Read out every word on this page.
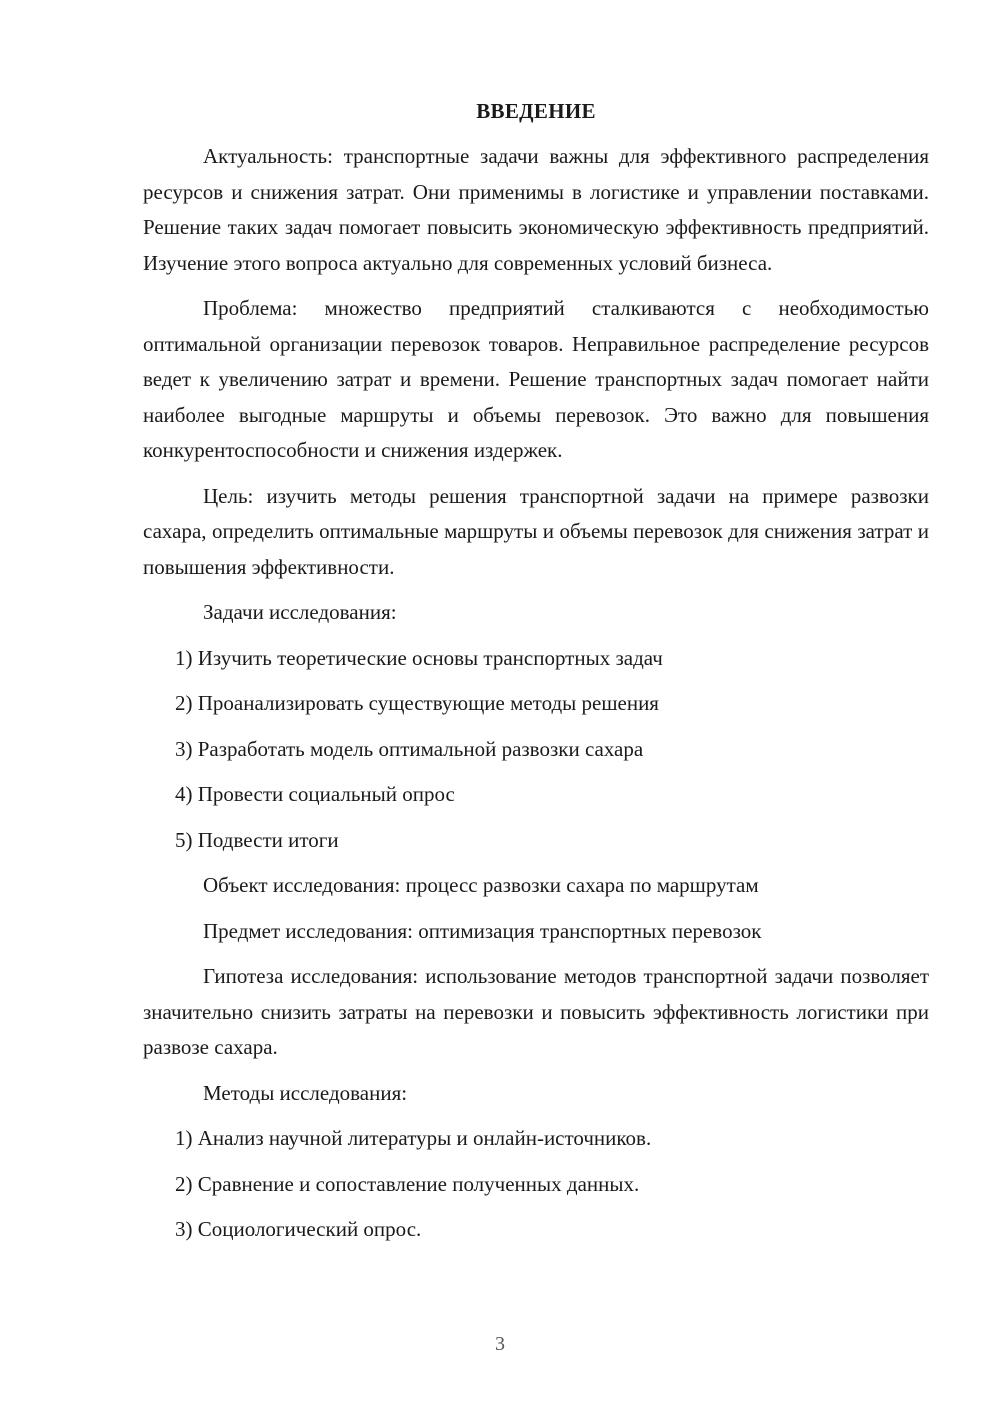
ВВЕДЕНИЕ

Актуальность: транспортные задачи важны для эффективного распределения ресурсов и снижения затрат. Они применимы в логистике и управлении поставками. Решение таких задач помогает повысить экономическую эффективность предприятий. Изучение этого вопроса актуально для современных условий бизнеса.

Проблема: множество предприятий сталкиваются с необходимостью оптимальной организации перевозок товаров. Неправильное распределение ресурсов ведет к увеличению затрат и времени. Решение транспортных задач помогает найти наиболее выгодные маршруты и объемы перевозок. Это важно для повышения конкурентоспособности и снижения издержек.

Цель: изучить методы решения транспортной задачи на примере развозки сахара, определить оптимальные маршруты и объемы перевозок для снижения затрат и повышения эффективности.

Задачи исследования:
1) Изучить теоретические основы транспортных задач
2) Проанализировать существующие методы решения
3) Разработать модель оптимальной развозки сахара
4) Провести социальный опрос
5) Подвести итоги
Объект исследования: процесс развозки сахара по маршрутам
Предмет исследования: оптимизация транспортных перевозок

Гипотеза исследования: использование методов транспортной задачи позволяет значительно снизить затраты на перевозки и повысить эффективность логистики при развозе сахара.

Методы исследования:
1) Анализ научной литературы и онлайн-источников.
2) Сравнение и сопоставление полученных данных.
3) Социологический опрос.
3
